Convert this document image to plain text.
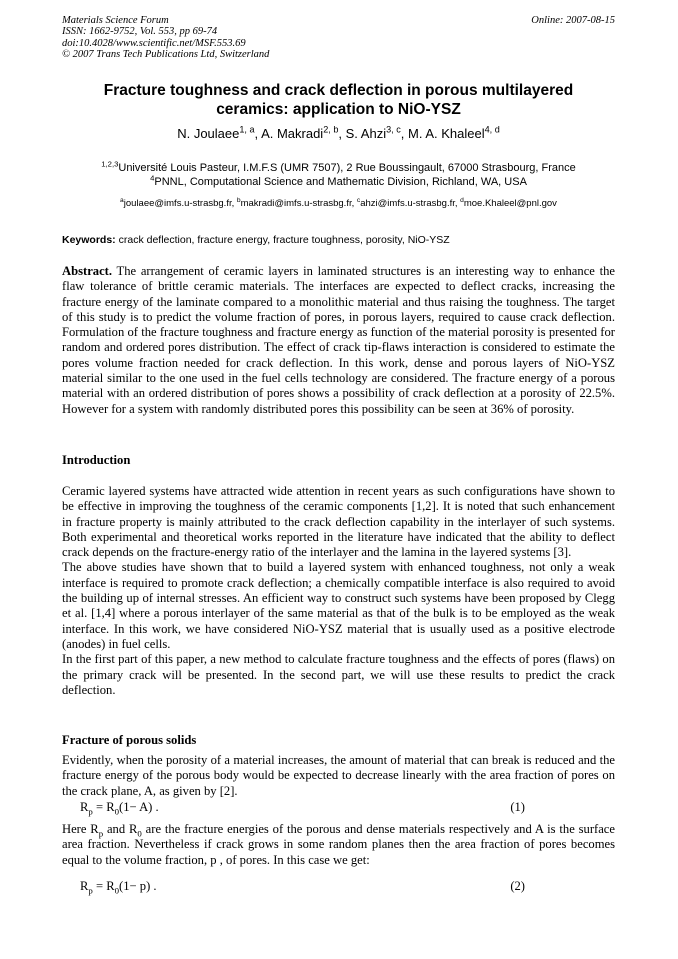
Materials Science Forum
ISSN: 1662-9752, Vol. 553, pp 69-74
doi:10.4028/www.scientific.net/MSF.553.69
© 2007 Trans Tech Publications Ltd, Switzerland
Online: 2007-08-15
Fracture toughness and crack deflection in porous multilayered
ceramics: application to NiO-YSZ
N. Joulaee$^{1, a}$, A. Makradi$^{2, b}$, S. Ahzi$^{3, c}$, M. A. Khaleel$^{4, d}$
$^{1,2,3}$Université Louis Pasteur, I.M.F.S (UMR 7507), 2 Rue Boussingault, 67000 Strasbourg, France
$^4$PNNL, Computational Science and Mathematic Division, Richland, WA, USA
$^a$joulaee@imfs.u-strasbg.fr, $^b$makradi@imfs.u-strasbg.fr, $^c$ahzi@imfs.u-strasbg.fr, $^d$moe.Khaleel@pnl.gov
Keywords: crack deflection, fracture energy, fracture toughness, porosity, NiO-YSZ

Abstract. The arrangement of ceramic layers in laminated structures is an interesting way to enhance the flaw tolerance of brittle ceramic materials. The interfaces are expected to deflect cracks, increasing the fracture energy of the laminate compared to a monolithic material and thus raising the toughness. The target of this study is to predict the volume fraction of pores, in porous layers, required to cause crack deflection. Formulation of the fracture toughness and fracture energy as function of the material porosity is presented for random and ordered pores distribution. The effect of crack tip-flaws interaction is considered to estimate the pores volume fraction needed for crack deflection. In this work, dense and porous layers of NiO-YSZ material similar to the one used in the fuel cells technology are considered. The fracture energy of a porous material with an ordered distribution of pores shows a possibility of crack deflection at a porosity of 22.5%. However for a system with randomly distributed pores this possibility can be seen at 36% of porosity.

Introduction

Ceramic layered systems have attracted wide attention in recent years as such configurations have shown to be effective in improving the toughness of the ceramic components [1,2]. It is noted that such enhancement in fracture property is mainly attributed to the crack deflection capability in the interlayer of such systems. Both experimental and theoretical works reported in the literature have indicated that the ability to deflect crack depends on the fracture-energy ratio of the interlayer and the lamina in the layered systems [3].

The above studies have shown that to build a layered system with enhanced toughness, not only a weak interface is required to promote crack deflection; a chemically compatible interface is also required to avoid the building up of internal stresses. An efficient way to construct such systems have been proposed by Clegg et al. [1,4] where a porous interlayer of the same material as that of the bulk is to be employed as the weak interface. In this work, we have considered NiO-YSZ material that is usually used as a positive electrode (anodes) in fuel cells.

In the first part of this paper, a new method to calculate fracture toughness and the effects of pores (flaws) on the primary crack will be presented. In the second part, we will use these results to predict the crack deflection.

Fracture of porous solids
Evidently, when the porosity of a material increases, the amount of material that can break is reduced and the fracture energy of the porous body would be expected to decrease linearly with the area fraction of pores on the crack plane, A, as given by [2].
$R_p = R_0(1- A)$ .	(1)
Here $R_p$ and $R_0$ are the fracture energies of the porous and dense materials respectively and A is the surface area fraction. Nevertheless if crack grows in some random planes then the area fraction of pores becomes equal to the volume fraction, p , of pores. In this case we get:
$R_p = R_0(1- p)$ .	(2)
